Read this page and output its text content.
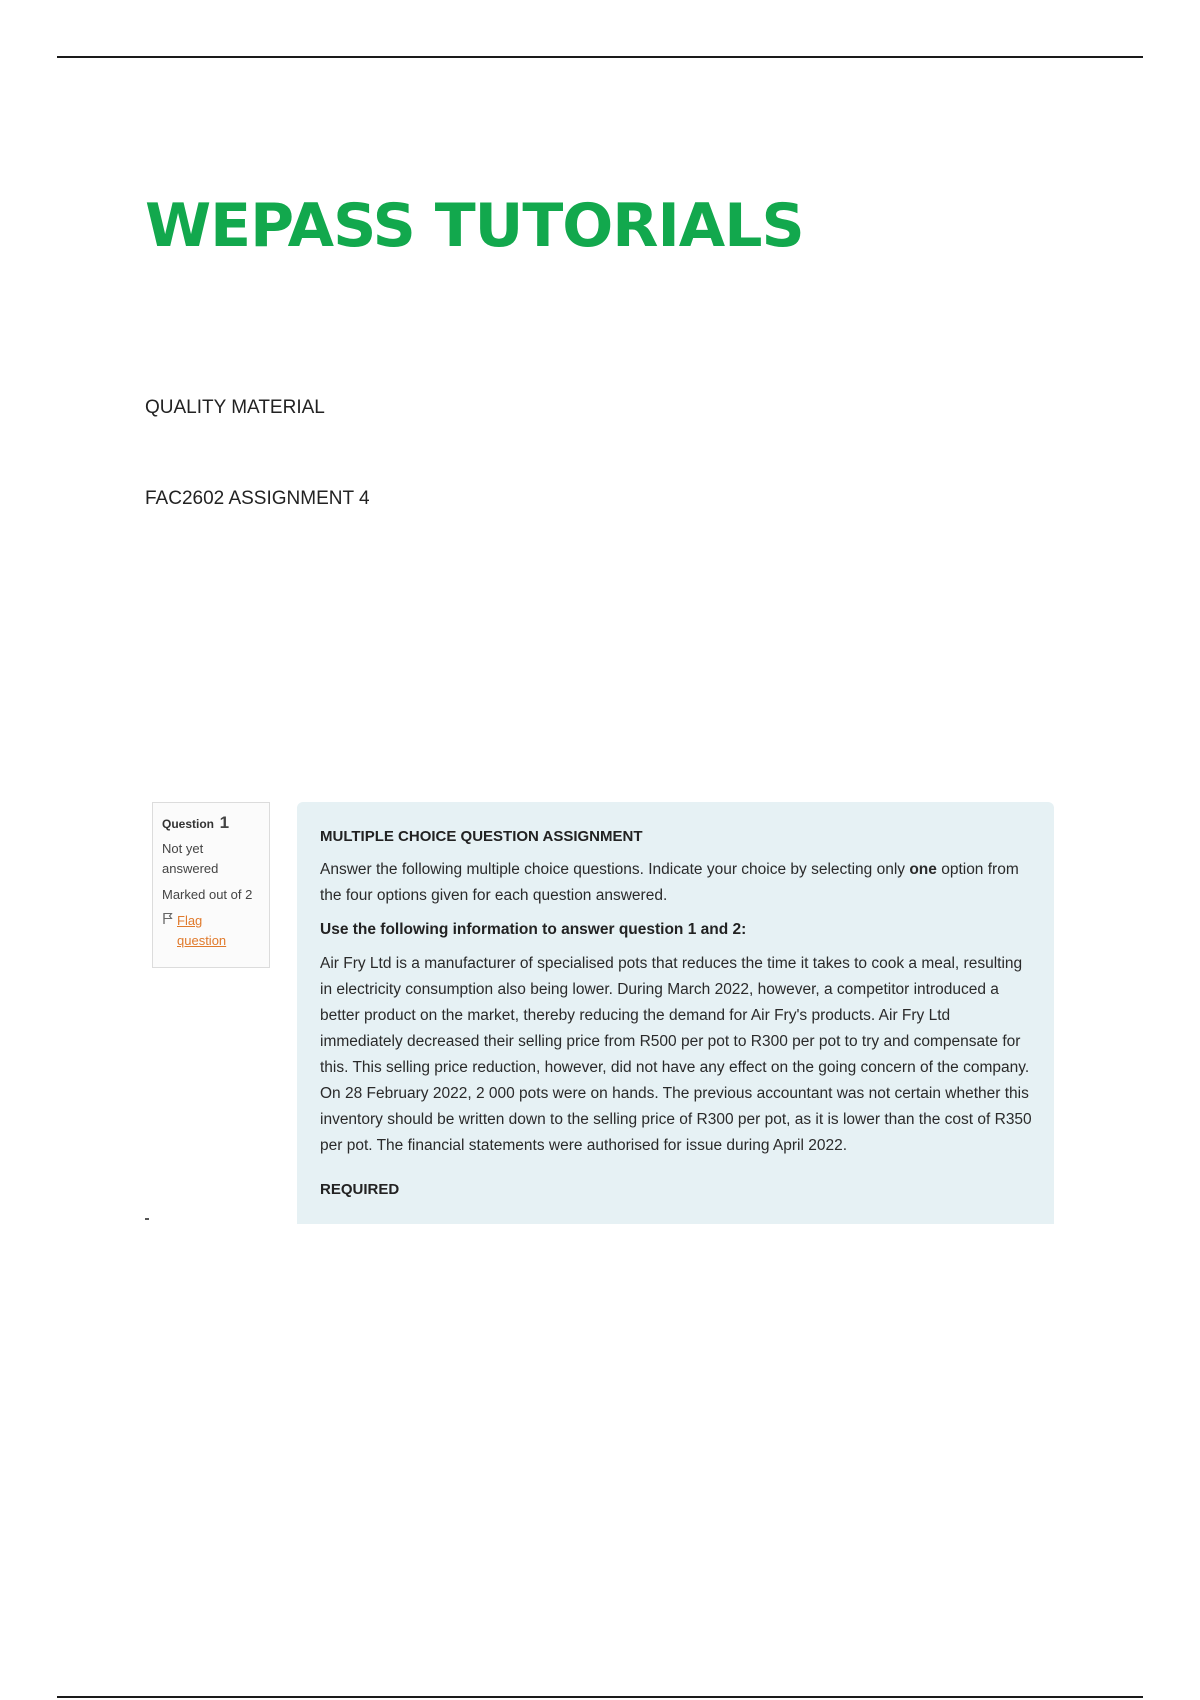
WEPASS TUTORIALS

QUALITY MATERIAL

FAC2602 ASSIGNMENT 4

Question 1
Not yet
answered
Marked out of 2
Flag
question
MULTIPLE CHOICE QUESTION ASSIGNMENT

Answer the following multiple choice questions. Indicate your choice by selecting only one option from the four options given for each question answered.

Use the following information to answer question 1 and 2:

Air Fry Ltd is a manufacturer of specialised pots that reduces the time it takes to cook a meal, resulting in electricity consumption also being lower. During March 2022, however, a competitor introduced a better product on the market, thereby reducing the demand for Air Fry's products. Air Fry Ltd immediately decreased their selling price from R500 per pot to R300 per pot to try and compensate for this. This selling price reduction, however, did not have any effect on the going concern of the company. On 28 February 2022, 2 000 pots were on hands. The previous accountant was not certain whether this inventory should be written down to the selling price of R300 per pot, as it is lower than the cost of R350 per pot. The financial statements were authorised for issue during April 2022.

REQUIRED
